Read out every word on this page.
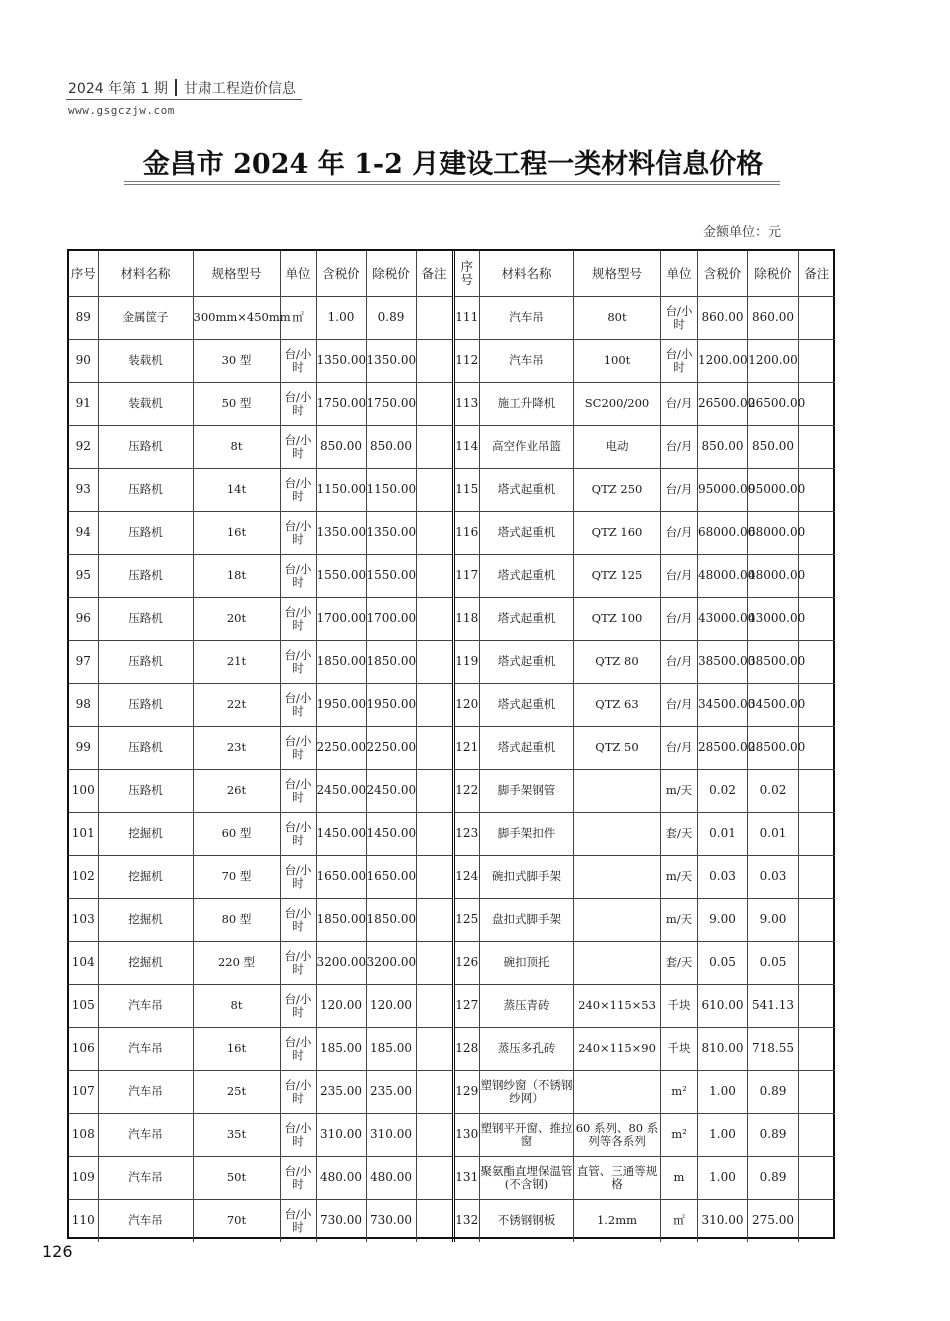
2024 年第 1 期 甘肃工程造价信息
www.gsgczjw.com
金昌市 2024 年 1-2 月建设工程一类材料信息价格
金额单位：元
序号	材料名称	规格型号	单位	含税价	除税价	备注
89	金属筐子	300mm×450mm	㎡	1.00	0.89	
90	装载机	30 型	台/小时	1350.00	1350.00	
91	装载机	50 型	台/小时	1750.00	1750.00	
92	压路机	8t	台/小时	850.00	850.00	
93	压路机	14t	台/小时	1150.00	1150.00	
94	压路机	16t	台/小时	1350.00	1350.00	
95	压路机	18t	台/小时	1550.00	1550.00	
96	压路机	20t	台/小时	1700.00	1700.00	
97	压路机	21t	台/小时	1850.00	1850.00	
98	压路机	22t	台/小时	1950.00	1950.00	
99	压路机	23t	台/小时	2250.00	2250.00	
100	压路机	26t	台/小时	2450.00	2450.00	
101	挖掘机	60 型	台/小时	1450.00	1450.00	
102	挖掘机	70 型	台/小时	1650.00	1650.00	
103	挖掘机	80 型	台/小时	1850.00	1850.00	
104	挖掘机	220 型	台/小时	3200.00	3200.00	
105	汽车吊	8t	台/小时	120.00	120.00	
106	汽车吊	16t	台/小时	185.00	185.00	
107	汽车吊	25t	台/小时	235.00	235.00	
108	汽车吊	35t	台/小时	310.00	310.00	
109	汽车吊	50t	台/小时	480.00	480.00	
110	汽车吊	70t	台/小时	730.00	730.00	
序号	材料名称	规格型号	单位	含税价	除税价	备注
111	汽车吊	80t	台/小时	860.00	860.00	
112	汽车吊	100t	台/小时	1200.00	1200.00	
113	施工升降机	SC200/200	台/月	26500.00	26500.00	
114	高空作业吊篮	电动	台/月	850.00	850.00	
115	塔式起重机	QTZ 250	台/月	95000.00	95000.00	
116	塔式起重机	QTZ 160	台/月	68000.00	68000.00	
117	塔式起重机	QTZ 125	台/月	48000.00	48000.00	
118	塔式起重机	QTZ 100	台/月	43000.00	43000.00	
119	塔式起重机	QTZ 80	台/月	38500.00	38500.00	
120	塔式起重机	QTZ 63	台/月	34500.00	34500.00	
121	塔式起重机	QTZ 50	台/月	28500.00	28500.00	
122	脚手架钢管		m/天	0.02	0.02	
123	脚手架扣件		套/天	0.01	0.01	
124	碗扣式脚手架		m/天	0.03	0.03	
125	盘扣式脚手架		m/天	9.00	9.00	
126	碗扣顶托		套/天	0.05	0.05	
127	蒸压青砖	240×115×53	千块	610.00	541.13	
128	蒸压多孔砖	240×115×90	千块	810.00	718.55	
129	塑钢纱窗（不锈钢纱网）		m²	1.00	0.89	
130	塑钢平开窗、推拉窗	60 系列、80 系列等各系列	m²	1.00	0.89	
131	聚氨酯直埋保温管(不含钢)	直管、三通等规格	m	1.00	0.89	
132	不锈钢钢板	1.2mm	㎡	310.00	275.00	
126
